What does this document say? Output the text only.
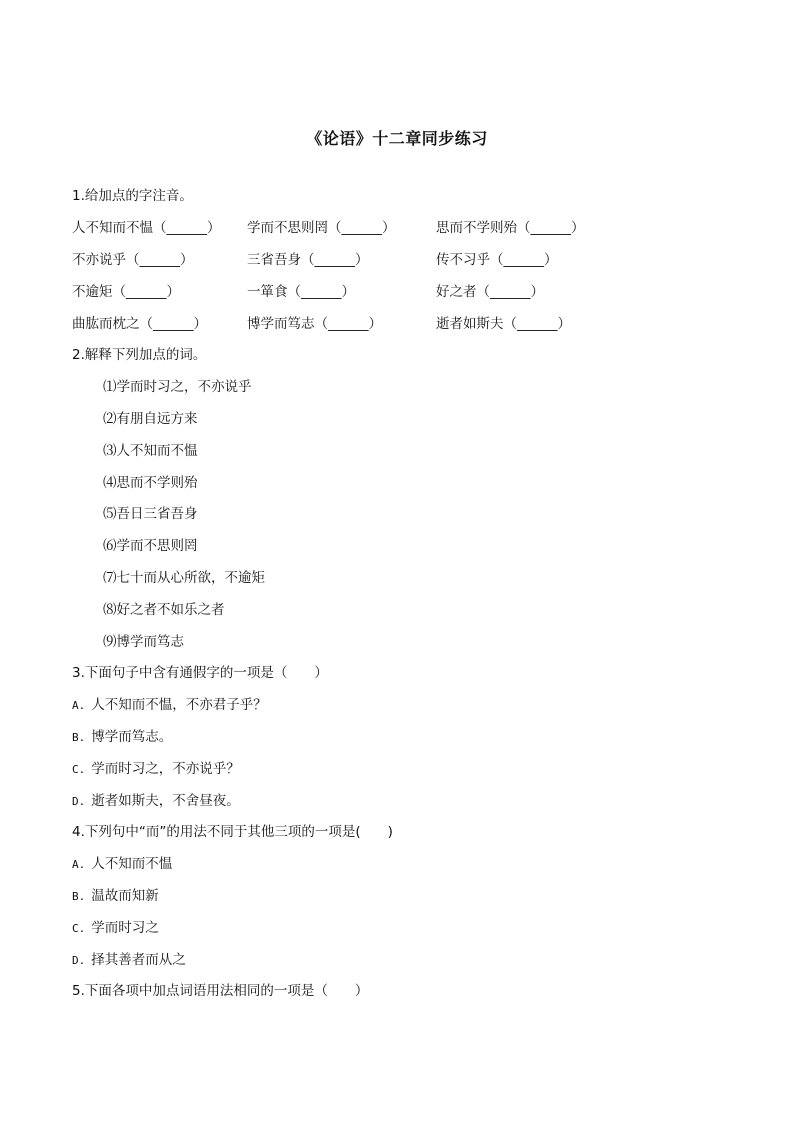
《论语》十二章同步练习
1.给加点的字注音。
人不知而不愠（______） 学而不思则罔（______）	思而不学则殆（______）
不亦说乎（______）	三省吾身（______）	传不习乎（______）
不逾矩（______）	一箪食（______）	好之者（______）
曲肱而枕之（______）	博学而笃志（______）	逝者如斯夫（______）
2.解释下列加点的词。
⑴学而时习之，不亦说乎
⑵有朋自远方来
⑶人不知而不愠
⑷思而不学则殆
⑸吾日三省吾身
⑹学而不思则罔
⑺七十而从心所欲，不逾矩
⑻好之者不如乐之者
⑼博学而笃志
3.下面句子中含有通假字的一项是（　　）
A. 人不知而不愠，不亦君子乎？
B. 博学而笃志。
C. 学而时习之，不亦说乎？
D. 逝者如斯夫，不舍昼夜。
4.下列句中“而”的用法不同于其他三项的一项是(　　)
A. 人不知而不愠
B. 温故而知新
C. 学而时习之
D. 择其善者而从之
5.下面各项中加点词语用法相同的一项是（　　）
